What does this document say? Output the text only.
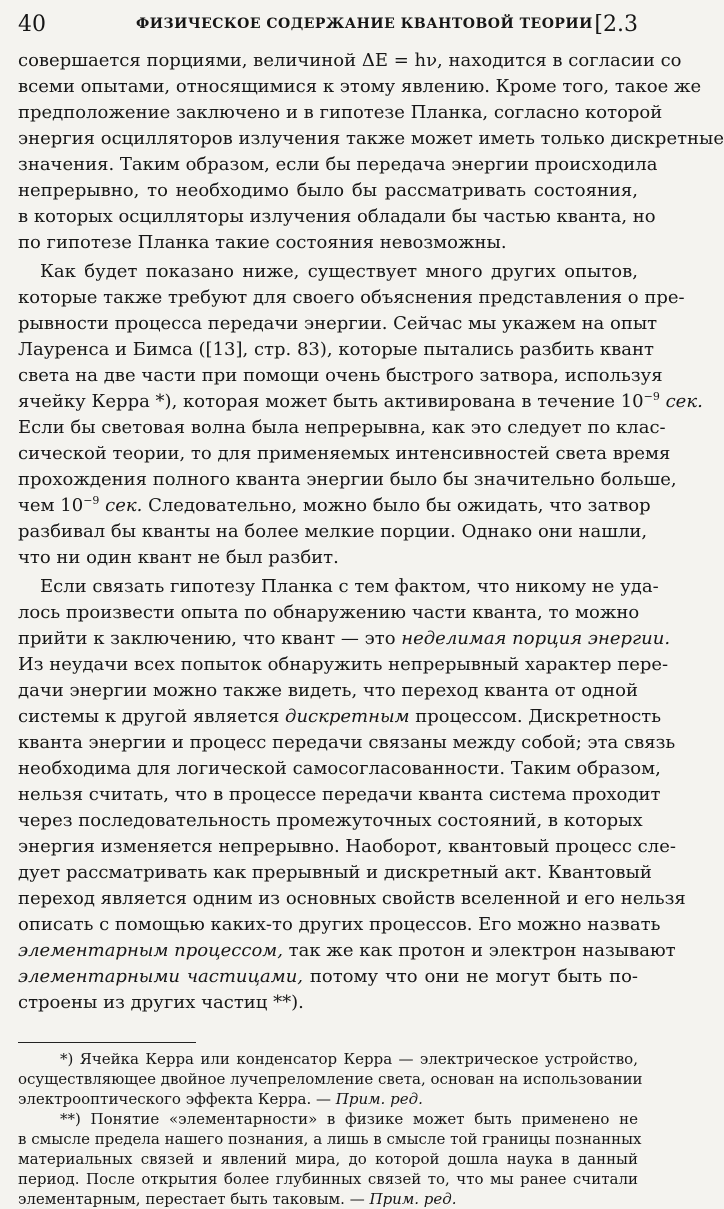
40	ФИЗИЧЕСКОЕ СОДЕРЖАНИЕ КВАНТОВОЙ ТЕОРИИ [2.3
совершается порциями, величиной ΔE = hν, находится в согласии со
всеми опытами, относящимися к этому явлению. Кроме того, такое же
предположение заключено и в гипотезе Планка, согласно которой
энергия осцилляторов излучения также может иметь только дискретные
значения. Таким образом, если бы передача энергии происходила
непрерывно, то необходимо было бы рассматривать состояния,
в которых осцилляторы излучения обладали бы частью кванта, но
по гипотезе Планка такие состояния невозможны.
Как будет показано ниже, существует много других опытов,
которые также требуют для своего объяснения представления о пре-
рывности процесса передачи энергии. Сейчас мы укажем на опыт
Лауренса и Бимса ([13], стр. 83), которые пытались разбить квант
света на две части при помощи очень быстрого затвора, используя
ячейку Керра *), которая может быть активирована в течение $10^{-9}$ сек.
Если бы световая волна была непрерывна, как это следует по клас-
сической теории, то для применяемых интенсивностей света время
прохождения полного кванта энергии было бы значительно больше,
чем $10^{-9}$ сек. Следовательно, можно было бы ожидать, что затвор
разбивал бы кванты на более мелкие порции. Однако они нашли,
что ни один квант не был разбит.
Если связать гипотезу Планка с тем фактом, что никому не уда-
лось произвести опыта по обнаружению части кванта, то можно
прийти к заключению, что квант — это неделимая порция энергии.
Из неудачи всех попыток обнаружить непрерывный характер пере-
дачи энергии можно также видеть, что переход кванта от одной
системы к другой является дискретным процессом. Дискретность
кванта энергии и процесс передачи связаны между собой; эта связь
необходима для логической самосогласованности. Таким образом,
нельзя считать, что в процессе передачи кванта система проходит
через последовательность промежуточных состояний, в которых
энергия изменяется непрерывно. Наоборот, квантовый процесс сле-
дует рассматривать как прерывный и дискретный акт. Квантовый
переход является одним из основных свойств вселенной и его нельзя
описать с помощью каких-то других процессов. Его можно назвать
элементарным процессом, так же как протон и электрон называют
элементарными частицами, потому что они не могут быть по-
строены из других частиц **).
*) Ячейка Керра или конденсатор Керра — электрическое устройство,
осуществляющее двойное лучепреломление света, основан на использовании
электрооптического эффекта Керра. — Прим. ред.
**) Понятие «элементарности» в физике может быть применено не
в смысле предела нашего познания, а лишь в смысле той границы познанных
материальных связей и явлений мира, до которой дошла наука в данный
период. После открытия более глубинных связей то, что мы ранее считали
элементарным, перестает быть таковым. — Прим. ред.
